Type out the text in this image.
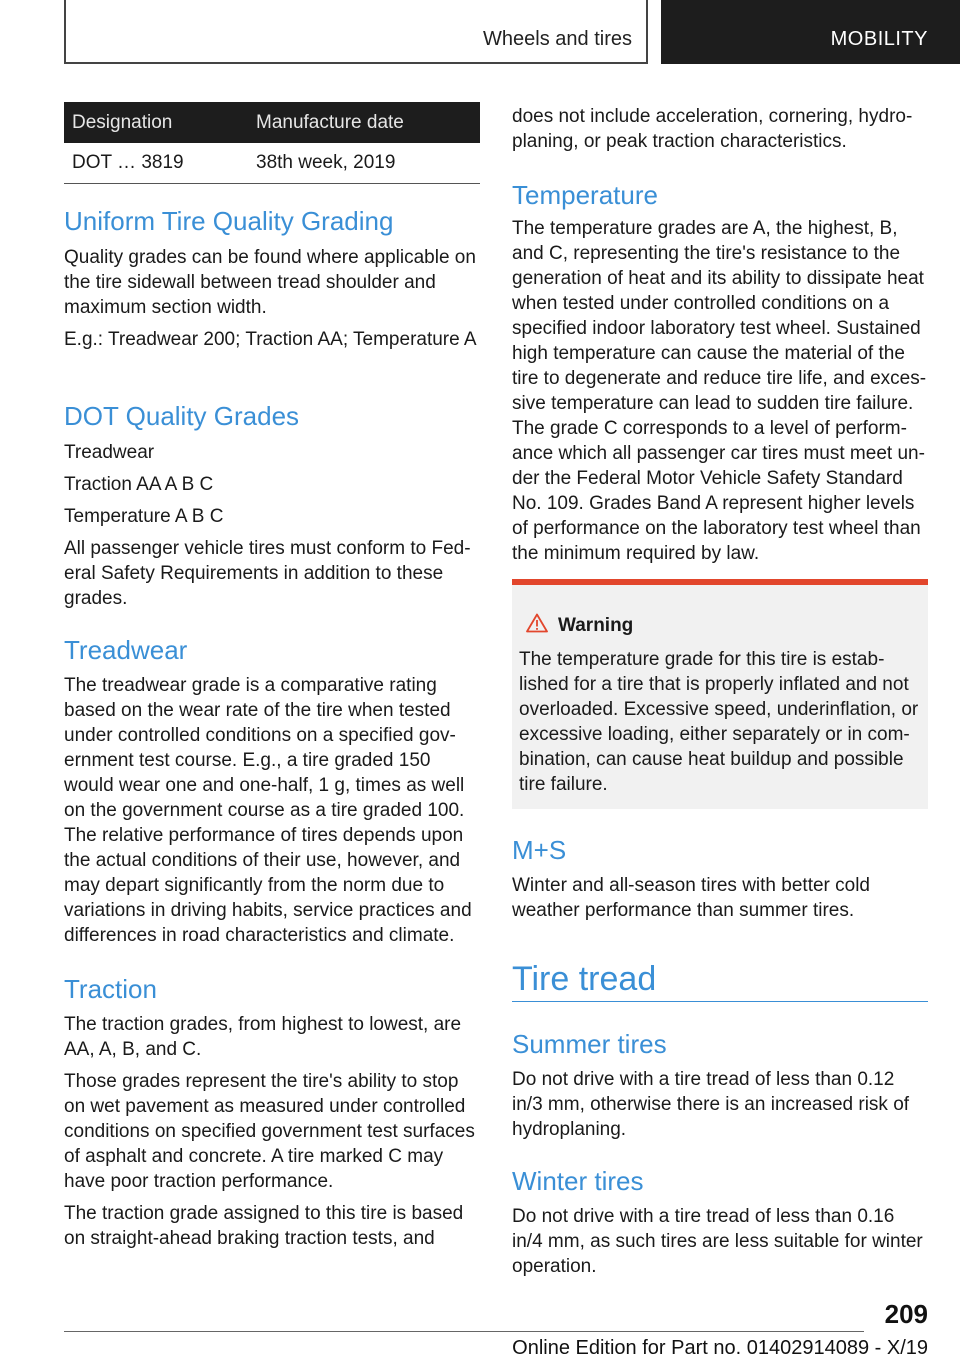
Wheels and tires	MOBILITY
Designation	Manufacture date
DOT … 3819	38th week, 2019
Uniform Tire Quality Grading

Quality grades can be found where applicable on the tire sidewall between tread shoulder and maximum section width.

E.g.: Treadwear 200; Traction AA; Temperature A

DOT Quality Grades

Treadwear

Traction AA A B C

Temperature A B C

All passenger vehicle tires must conform to Federal Safety Requirements in addition to these grades.

Treadwear

The treadwear grade is a comparative rating based on the wear rate of the tire when tested under controlled conditions on a specified government test course. E.g., a tire graded 150 would wear one and one-half, 1 g, times as well on the government course as a tire graded 100. The relative performance of tires depends upon the actual conditions of their use, however, and may depart significantly from the norm due to variations in driving habits, service practices and differences in road characteristics and climate.

Traction

The traction grades, from highest to lowest, are AA, A, B, and C.

Those grades represent the tire's ability to stop on wet pavement as measured under controlled conditions on specified government test surfaces of asphalt and concrete. A tire marked C may have poor traction performance.

The traction grade assigned to this tire is based on straight-ahead braking traction tests, and

does not include acceleration, cornering, hydroplaning, or peak traction characteristics.

Temperature

The temperature grades are A, the highest, B, and C, representing the tire's resistance to the generation of heat and its ability to dissipate heat when tested under controlled conditions on a specified indoor laboratory test wheel. Sustained high temperature can cause the material of the tire to degenerate and reduce tire life, and excessive temperature can lead to sudden tire failure. The grade C corresponds to a level of performance which all passenger car tires must meet under the Federal Motor Vehicle Safety Standard No. 109. Grades Band A represent higher levels of performance on the laboratory test wheel than the minimum required by law.

Warning

The temperature grade for this tire is established for a tire that is properly inflated and not overloaded. Excessive speed, underinflation, or excessive loading, either separately or in combination, can cause heat buildup and possible tire failure.

M+S

Winter and all-season tires with better cold weather performance than summer tires.

Tire tread
Summer tires

Do not drive with a tire tread of less than 0.12 in/3 mm, otherwise there is an increased risk of hydroplaning.

Winter tires

Do not drive with a tire tread of less than 0.16 in/4 mm, as such tires are less suitable for winter operation.

209
Online Edition for Part no. 01402914089 - X/19
